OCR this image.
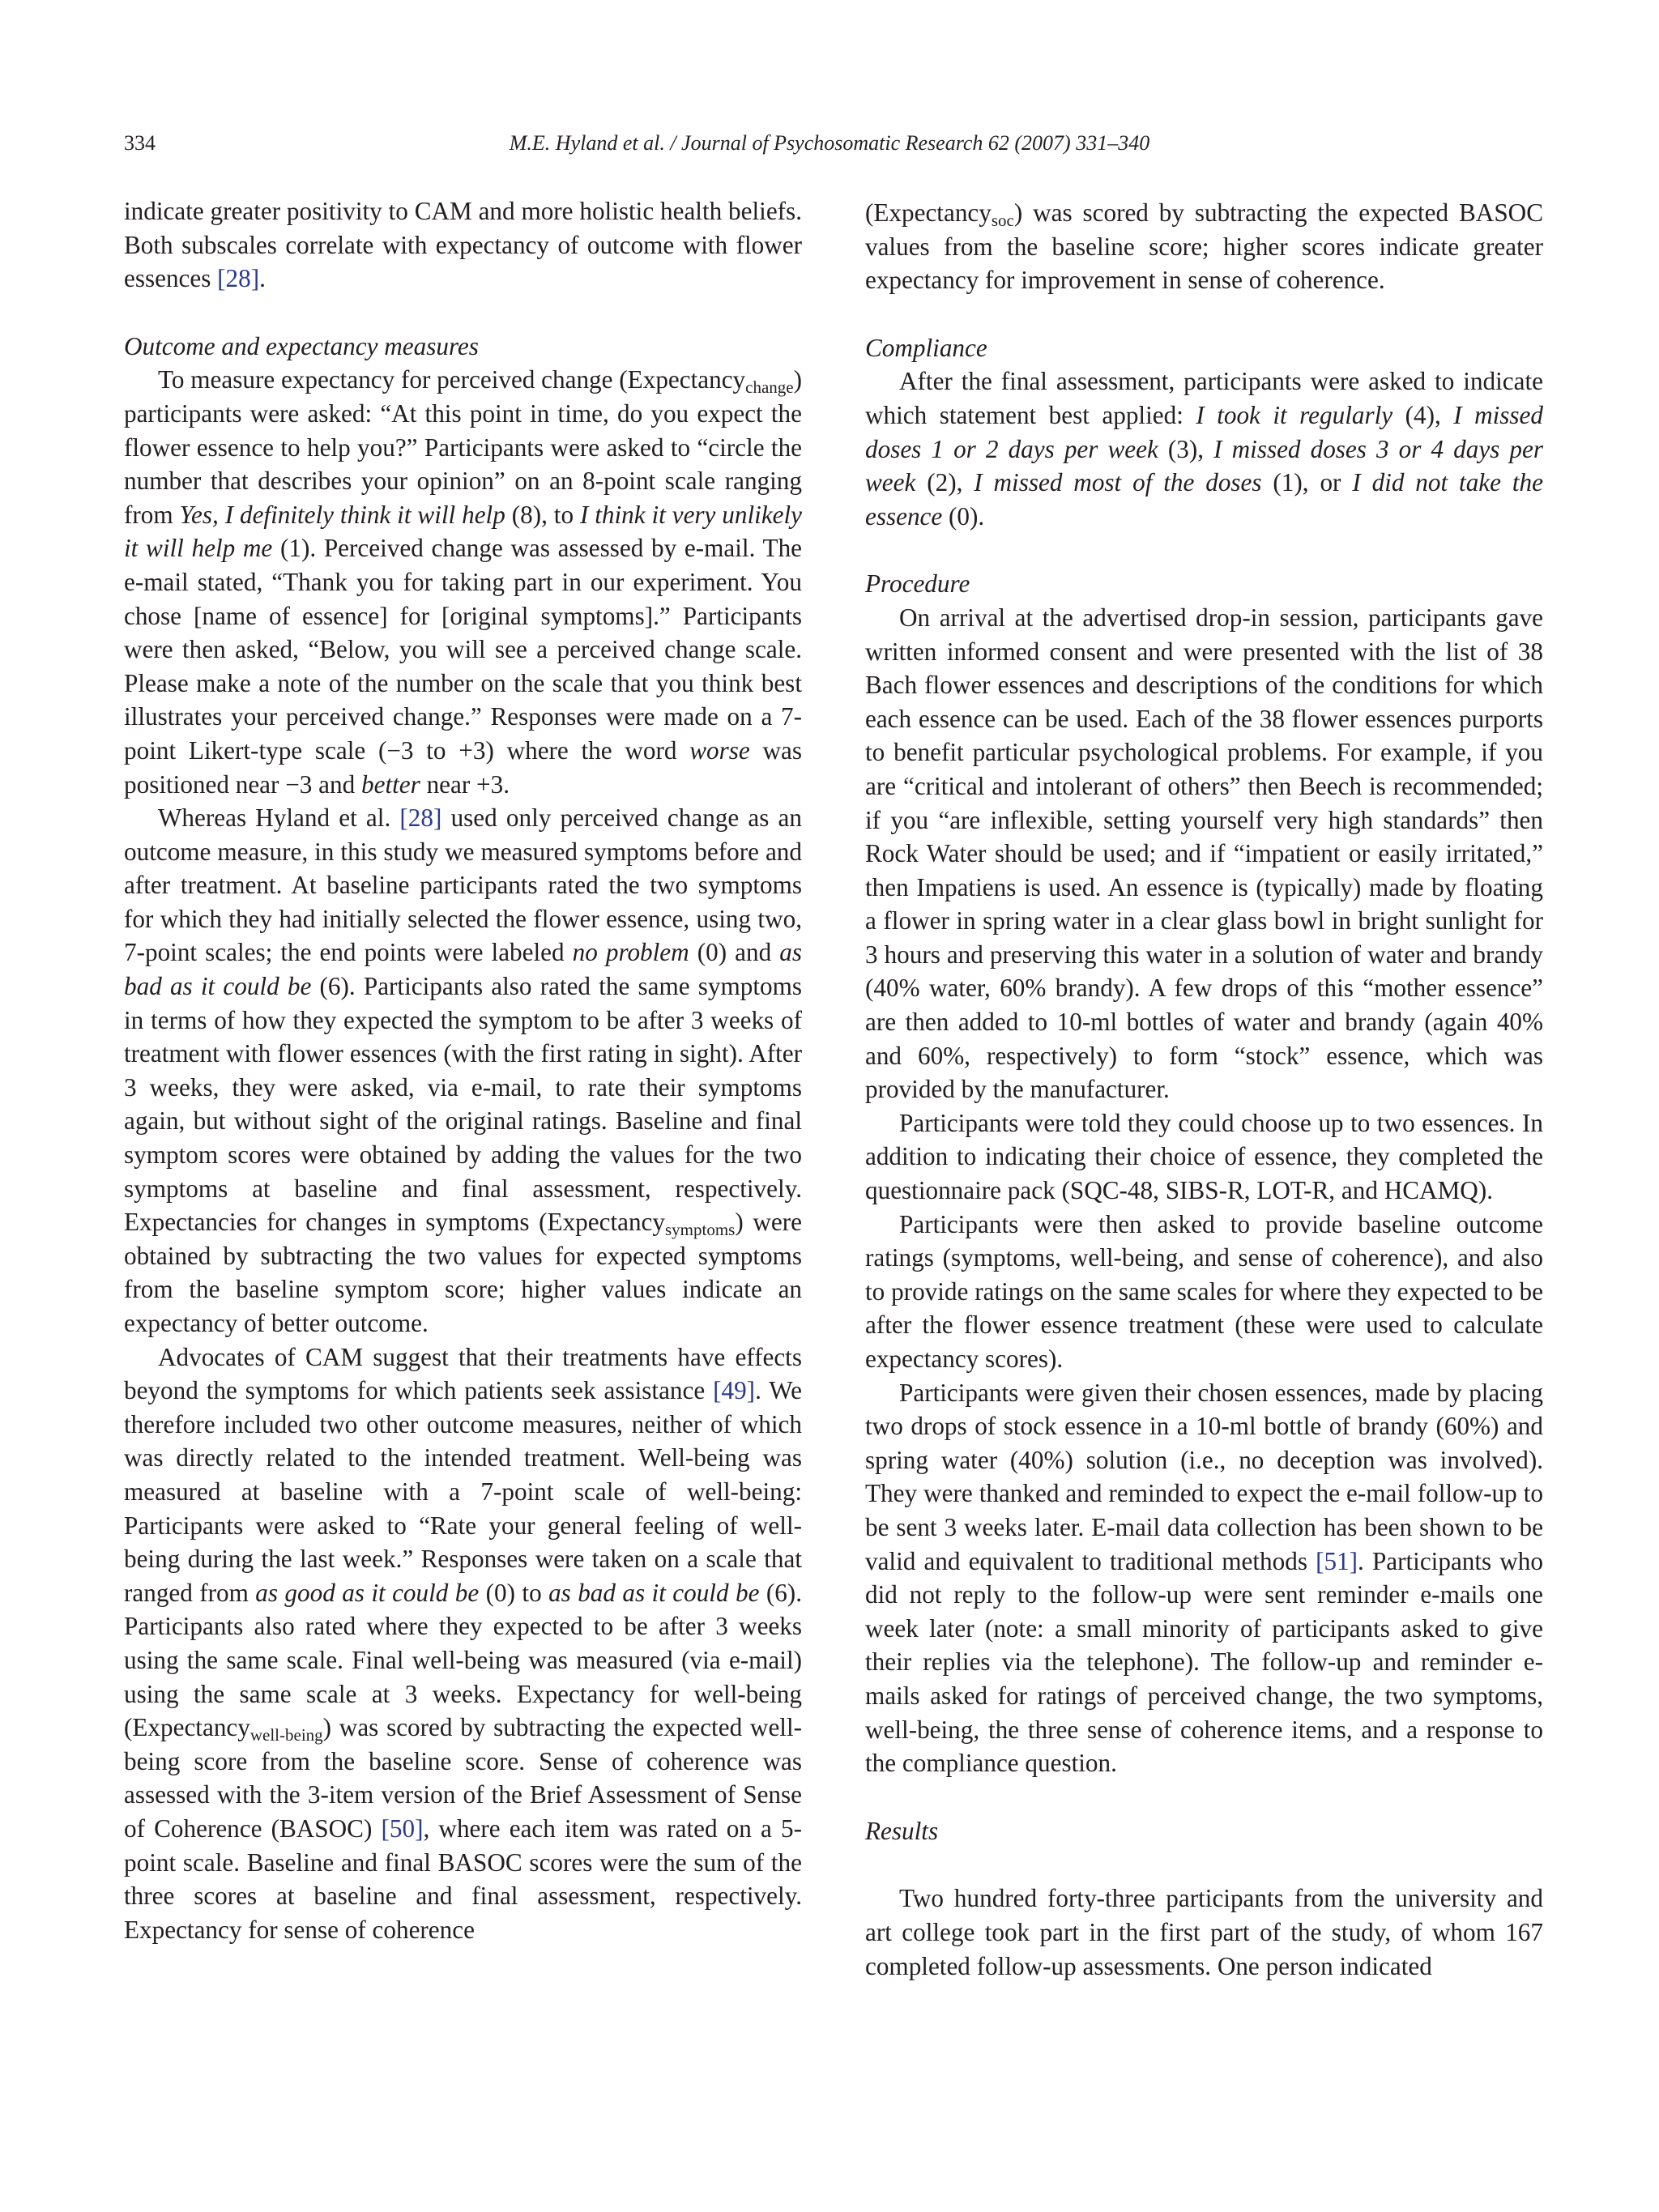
334	M.E. Hyland et al. / Journal of Psychosomatic Research 62 (2007) 331–340

indicate greater positivity to CAM and more holistic health beliefs. Both subscales correlate with expectancy of outcome with flower essences [28].

Outcome and expectancy measures

To measure expectancy for perceived change (Expectancy$_{change}$) participants were asked: “At this point in time, do you expect the flower essence to help you?” Participants were asked to “circle the number that describes your opinion” on an 8-point scale ranging from Yes, I definitely think it will help (8), to I think it very unlikely it will help me (1). Perceived change was assessed by e-mail. The e-mail stated, “Thank you for taking part in our experiment. You chose [name of essence] for [original symptoms].” Participants were then asked, “Below, you will see a perceived change scale. Please make a note of the number on the scale that you think best illustrates your perceived change.” Responses were made on a 7-point Likert-type scale (−3 to +3) where the word worse was positioned near −3 and better near +3.

Whereas Hyland et al. [28] used only perceived change as an outcome measure, in this study we measured symptoms before and after treatment. At baseline participants rated the two symptoms for which they had initially selected the flower essence, using two, 7-point scales; the end points were labeled no problem (0) and as bad as it could be (6). Participants also rated the same symptoms in terms of how they expected the symptom to be after 3 weeks of treatment with flower essences (with the first rating in sight). After 3 weeks, they were asked, via e-mail, to rate their symptoms again, but without sight of the original ratings. Baseline and final symptom scores were obtained by adding the values for the two symptoms at baseline and final assessment, respectively. Expectancies for changes in symptoms (Expectancy$_{symptoms}$) were obtained by subtracting the two values for expected symptoms from the baseline symptom score; higher values indicate an expectancy of better outcome.

Advocates of CAM suggest that their treatments have effects beyond the symptoms for which patients seek assistance [49]. We therefore included two other outcome measures, neither of which was directly related to the intended treatment. Well-being was measured at baseline with a 7-point scale of well-being: Participants were asked to “Rate your general feeling of well-being during the last week.” Responses were taken on a scale that ranged from as good as it could be (0) to as bad as it could be (6). Participants also rated where they expected to be after 3 weeks using the same scale. Final well-being was measured (via e-mail) using the same scale at 3 weeks. Expectancy for well-being (Expectancy$_{well-being}$) was scored by subtracting the expected well-being score from the baseline score. Sense of coherence was assessed with the 3-item version of the Brief Assessment of Sense of Coherence (BASOC) [50], where each item was rated on a 5-point scale. Baseline and final BASOC scores were the sum of the three scores at baseline and final assessment, respectively. Expectancy for sense of coherence

(Expectancy$_{soc}$) was scored by subtracting the expected BASOC values from the baseline score; higher scores indicate greater expectancy for improvement in sense of coherence.

Compliance

After the final assessment, participants were asked to indicate which statement best applied: I took it regularly (4), I missed doses 1 or 2 days per week (3), I missed doses 3 or 4 days per week (2), I missed most of the doses (1), or I did not take the essence (0).

Procedure

On arrival at the advertised drop-in session, participants gave written informed consent and were presented with the list of 38 Bach flower essences and descriptions of the conditions for which each essence can be used. Each of the 38 flower essences purports to benefit particular psychological problems. For example, if you are “critical and intolerant of others” then Beech is recommended; if you “are inflexible, setting yourself very high standards” then Rock Water should be used; and if “impatient or easily irritated,” then Impatiens is used. An essence is (typically) made by floating a flower in spring water in a clear glass bowl in bright sunlight for 3 hours and preserving this water in a solution of water and brandy (40% water, 60% brandy). A few drops of this “mother essence” are then added to 10-ml bottles of water and brandy (again 40% and 60%, respectively) to form “stock” essence, which was provided by the manufacturer.

Participants were told they could choose up to two essences. In addition to indicating their choice of essence, they completed the questionnaire pack (SQC-48, SIBS-R, LOT-R, and HCAMQ).

Participants were then asked to provide baseline outcome ratings (symptoms, well-being, and sense of coherence), and also to provide ratings on the same scales for where they expected to be after the flower essence treatment (these were used to calculate expectancy scores).

Participants were given their chosen essences, made by placing two drops of stock essence in a 10-ml bottle of brandy (60%) and spring water (40%) solution (i.e., no deception was involved). They were thanked and reminded to expect the e-mail follow-up to be sent 3 weeks later. E-mail data collection has been shown to be valid and equivalent to traditional methods [51]. Participants who did not reply to the follow-up were sent reminder e-mails one week later (note: a small minority of participants asked to give their replies via the telephone). The follow-up and reminder e-mails asked for ratings of perceived change, the two symptoms, well-being, the three sense of coherence items, and a response to the compliance question.

Results

Two hundred forty-three participants from the university and art college took part in the first part of the study, of whom 167 completed follow-up assessments. One person indicated
